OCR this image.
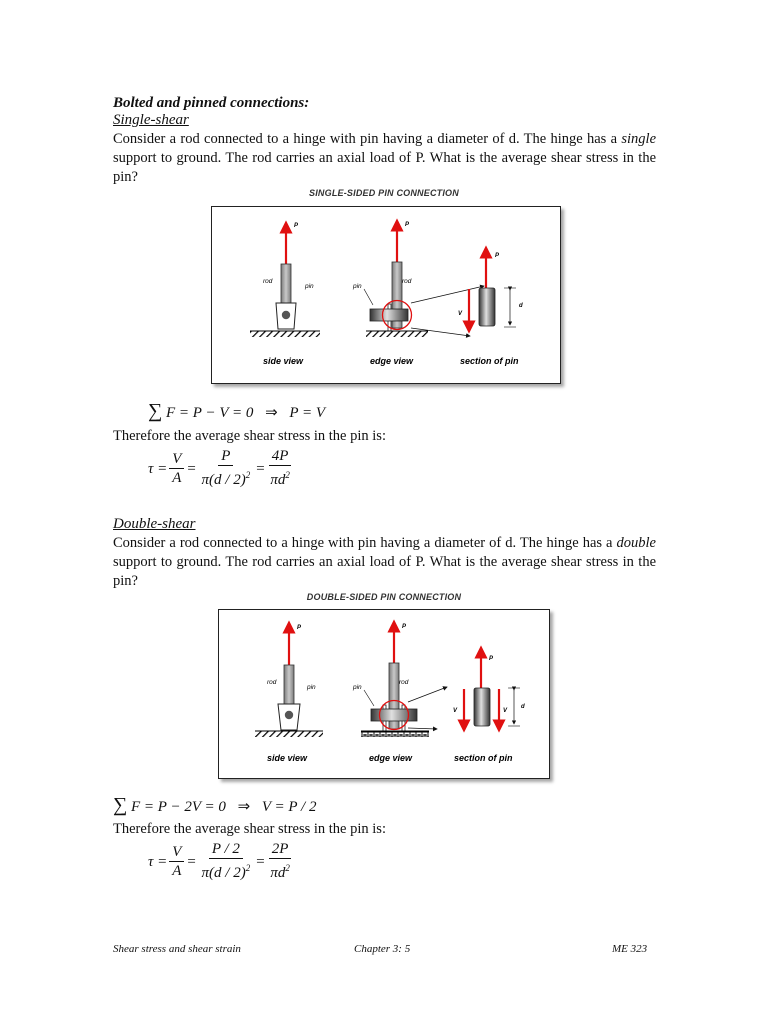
Bolted and pinned connections:
Single-shear
Consider a rod connected to a hinge with pin having a diameter of d. The hinge has a single support to ground. The rod carries an axial load of P. What is the average shear stress in the pin?
SINGLE-SIDED PIN CONNECTION
P
rod
pin
side view
P
pin
rod
edge view
P
V
d
section of pin
∑ F = P − V = 0 ⇒ P = V
Therefore the average shear stress in the pin is:
$\tau = \frac{V}{A} = \frac{P}{\pi(d / 2)^2} = \frac{4P}{\pi d^2}$
Double-shear
Consider a rod connected to a hinge with pin having a diameter of d. The hinge has a double support to ground. The rod carries an axial load of P. What is the average shear stress in the pin?
DOUBLE-SIDED PIN CONNECTION
P
rod
pin
side view
P
pin
rod
edge view
P
V	V
d
section of pin
∑ F = P − 2V = 0 ⇒ V = P / 2
Therefore the average shear stress in the pin is:
$\tau = \frac{V}{A} = \frac{P / 2}{\pi(d / 2)^2} = \frac{2P}{\pi d^2}$
Shear stress and shear strain	Chapter 3: 5	ME 323
